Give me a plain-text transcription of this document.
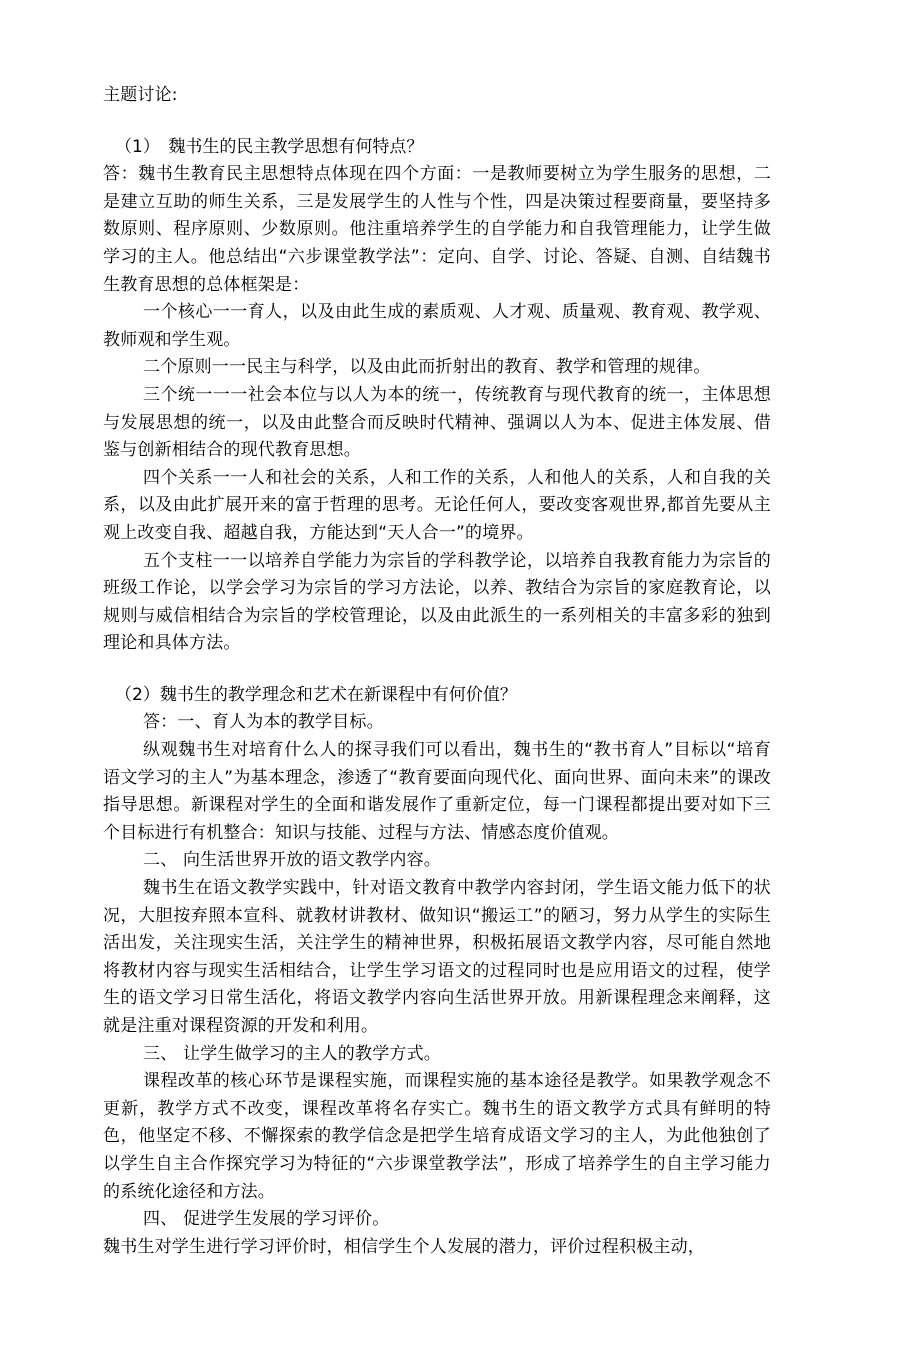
主题讨论:

（1）　魏书生的民主教学思想有何特点？

答：魏书生教育民主思想特点体现在四个方面：一是教师要树立为学生服务的思想，二是建立互助的师生关系，三是发展学生的人性与个性，四是决策过程要商量，要坚持多数原则、程序原则、少数原则。他注重培养学生的自学能力和自我管理能力，让学生做学习的主人。他总结出“六步课堂教学法”：定向、自学、讨论、答疑、自测、自结魏书生教育思想的总体框架是：

一个核心一一育人，以及由此生成的素质观、人才观、质量观、教育观、教学观、教师观和学生观。

二个原则一一民主与科学，以及由此而折射出的教育、教学和管理的规律。

三个统一一一社会本位与以人为本的统一，传统教育与现代教育的统一，主体思想与发展思想的统一，以及由此整合而反映时代精神、强调以人为本、促进主体发展、借鉴与创新相结合的现代教育思想。

四个关系一一人和社会的关系，人和工作的关系，人和他人的关系，人和自我的关系，以及由此扩展开来的富于哲理的思考。无论任何人，要改变客观世界,都首先要从主观上改变自我、超越自我，方能达到“天人合一”的境界。

五个支柱一一以培养自学能力为宗旨的学科教学论，以培养自我教育能力为宗旨的班级工作论，以学会学习为宗旨的学习方法论，以养、教结合为宗旨的家庭教育论，以规则与威信相结合为宗旨的学校管理论，以及由此派生的一系列相关的丰富多彩的独到理论和具体方法。

（2）魏书生的教学理念和艺术在新课程中有何价值？

答：一、育人为本的教学目标。

纵观魏书生对培育什么人的探寻我们可以看出，魏书生的“教书育人”目标以“培育语文学习的主人”为基本理念，渗透了“教育要面向现代化、面向世界、面向未来”的课改指导思想。新课程对学生的全面和谐发展作了重新定位，每一门课程都提出要对如下三个目标进行有机整合：知识与技能、过程与方法、情感态度价值观。

二、 向生活世界开放的语文教学内容。

魏书生在语文教学实践中，针对语文教育中教学内容封闭，学生语文能力低下的状况，大胆按弃照本宣科、就教材讲教材、做知识“搬运工”的陋习，努力从学生的实际生活出发，关注现实生活，关注学生的精神世界，积极拓展语文教学内容，尽可能自然地将教材内容与现实生活相结合，让学生学习语文的过程同时也是应用语文的过程，使学生的语文学习日常生活化，将语文教学内容向生活世界开放。用新课程理念来阐释，这就是注重对课程资源的开发和利用。

三、 让学生做学习的主人的教学方式。

课程改革的核心环节是课程实施，而课程实施的基本途径是教学。如果教学观念不更新，教学方式不改变，课程改革将名存实亡。魏书生的语文教学方式具有鲜明的特色，他坚定不移、不懈探索的教学信念是把学生培育成语文学习的主人，为此他独创了以学生自主合作探究学习为特征的“六步课堂教学法”，形成了培养学生的自主学习能力的系统化途径和方法。

四、 促进学生发展的学习评价。

魏书生对学生进行学习评价时，相信学生个人发展的潜力，评价过程积极主动，
